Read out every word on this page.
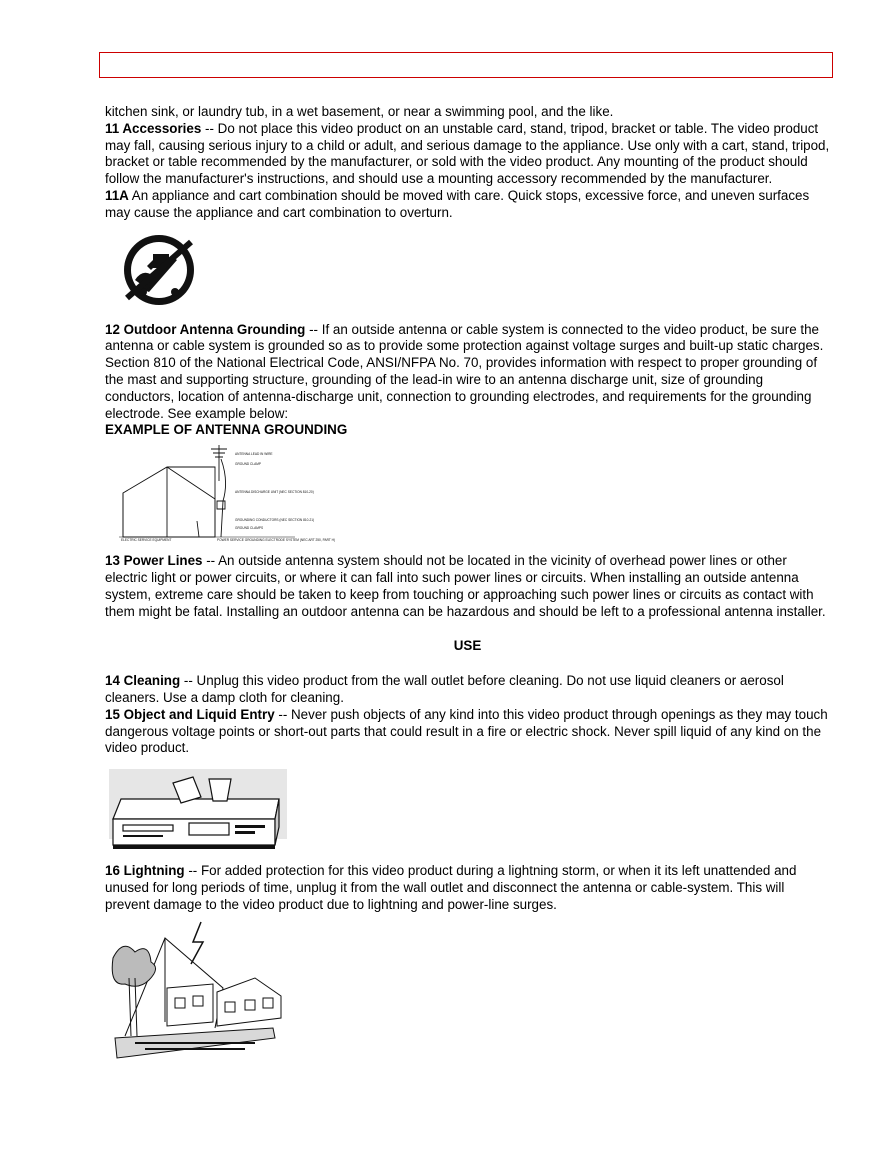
kitchen sink, or laundry tub, in a wet basement, or near a swimming pool, and the like.

11 Accessories -- Do not place this video product on an unstable card, stand, tripod, bracket or table. The video product may fall, causing serious injury to a child or adult, and serious damage to the appliance. Use only with a cart, stand, tripod, bracket or table recommended by the manufacturer, or sold with the video product. Any mounting of the product should follow the manufacturer's instructions, and should use a mounting accessory recommended by the manufacturer.

11A An appliance and cart combination should be moved with care. Quick stops, excessive force, and uneven surfaces may cause the appliance and cart combination to overturn.

12 Outdoor Antenna Grounding -- If an outside antenna or cable system is connected to the video product, be sure the antenna or cable system is grounded so as to provide some protection against voltage surges and built-up static charges. Section 810 of the National Electrical Code, ANSI/NFPA No. 70, provides information with respect to proper grounding of the mast and supporting structure, grounding of the lead-in wire to an antenna discharge unit, size of grounding conductors, location of antenna-discharge unit, connection to grounding electrodes, and requirements for the grounding electrode. See example below:

EXAMPLE OF ANTENNA GROUNDING

ANTENNA LEAD IN WIRE
GROUND CLAMP
ANTENNA DISCHARGE UNIT (NEC SECTION 810-20)
GROUNDING CONDUCTORS (NEC SECTION 810-21)
GROUND CLAMPS
POWER SERVICE GROUNDING ELECTRODE SYSTEM (NEC ART 250, PART H)
ELECTRIC SERVICE EQUIPMENT

13 Power Lines -- An outside antenna system should not be located in the vicinity of overhead power lines or other electric light or power circuits, or where it can fall into such power lines or circuits. When installing an outside antenna system, extreme care should be taken to keep from touching or approaching such power lines or circuits as contact with them might be fatal. Installing an outdoor antenna can be hazardous and should be left to a professional antenna installer.

USE

14 Cleaning -- Unplug this video product from the wall outlet before cleaning. Do not use liquid cleaners or aerosol cleaners. Use a damp cloth for cleaning.

15 Object and Liquid Entry -- Never push objects of any kind into this video product through openings as they may touch dangerous voltage points or short-out parts that could result in a fire or electric shock. Never spill liquid of any kind on the video product.

16 Lightning -- For added protection for this video product during a lightning storm, or when it its left unattended and unused for long periods of time, unplug it from the wall outlet and disconnect the antenna or cable-system. This will prevent damage to the video product due to lightning and power-line surges.
